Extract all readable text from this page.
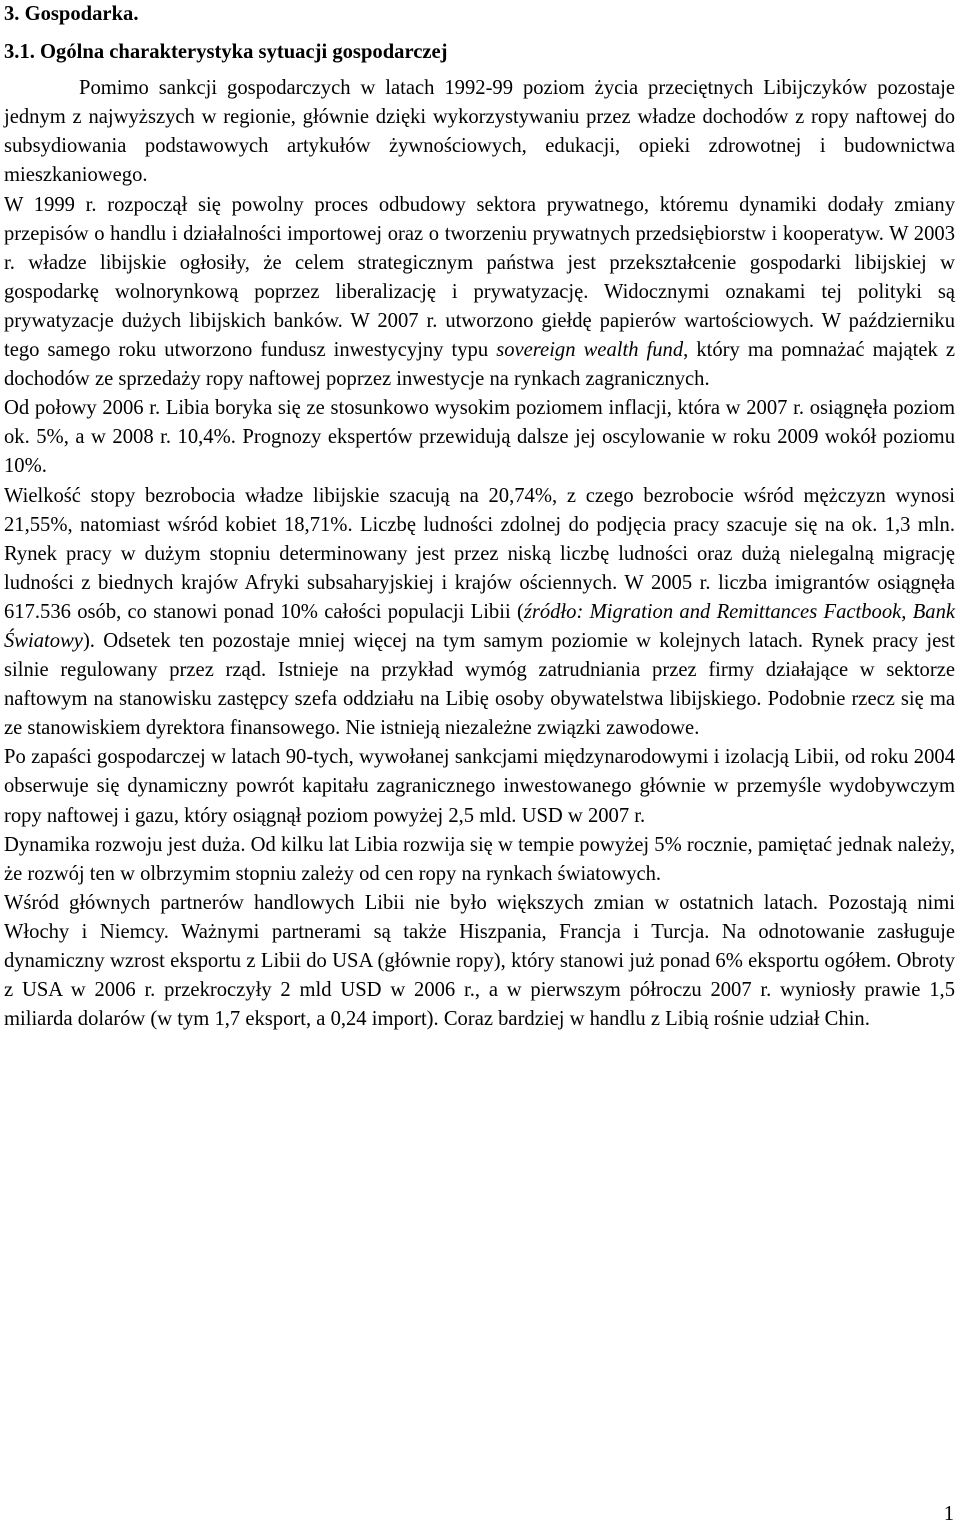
3. Gospodarka.
3.1. Ogólna charakterystyka sytuacji gospodarczej

Pomimo sankcji gospodarczych w latach 1992-99 poziom życia przeciętnych Libijczyków pozostaje jednym z najwyższych w regionie, głównie dzięki wykorzystywaniu przez władze dochodów z ropy naftowej do subsydiowania podstawowych artykułów żywnościowych, edukacji, opieki zdrowotnej i budownictwa mieszkaniowego.

W 1999 r. rozpoczął się powolny proces odbudowy sektora prywatnego, któremu dynamiki dodały zmiany przepisów o handlu i działalności importowej oraz o tworzeniu prywatnych przedsiębiorstw i kooperatyw. W 2003 r. władze libijskie ogłosiły, że celem strategicznym państwa jest przekształcenie gospodarki libijskiej w gospodarkę wolnorynkową poprzez liberalizację i prywatyzację. Widocznymi oznakami tej polityki są prywatyzacje dużych libijskich banków. W 2007 r. utworzono giełdę papierów wartościowych. W październiku tego samego roku utworzono fundusz inwestycyjny typu sovereign wealth fund, który ma pomnażać majątek z dochodów ze sprzedaży ropy naftowej poprzez inwestycje na rynkach zagranicznych.

Od połowy 2006 r. Libia boryka się ze stosunkowo wysokim poziomem inflacji, która w 2007 r. osiągnęła poziom ok. 5%, a w 2008 r. 10,4%. Prognozy ekspertów przewidują dalsze jej oscylowanie w roku 2009 wokół poziomu 10%.

Wielkość stopy bezrobocia władze libijskie szacują na 20,74%, z czego bezrobocie wśród mężczyzn wynosi 21,55%, natomiast wśród kobiet 18,71%. Liczbę ludności zdolnej do podjęcia pracy szacuje się na ok. 1,3 mln. Rynek pracy w dużym stopniu determinowany jest przez niską liczbę ludności oraz dużą nielegalną migrację ludności z biednych krajów Afryki subsaharyjskiej i krajów ościennych. W 2005 r. liczba imigrantów osiągnęła 617.536 osób, co stanowi ponad 10% całości populacji Libii (źródło: Migration and Remittances Factbook, Bank Światowy). Odsetek ten pozostaje mniej więcej na tym samym poziomie w kolejnych latach. Rynek pracy jest silnie regulowany przez rząd. Istnieje na przykład wymóg zatrudniania przez firmy działające w sektorze naftowym na stanowisku zastępcy szefa oddziału na Libię osoby obywatelstwa libijskiego. Podobnie rzecz się ma ze stanowiskiem dyrektora finansowego. Nie istnieją niezależne związki zawodowe.

Po zapaści gospodarczej w latach 90-tych, wywołanej sankcjami międzynarodowymi i izolacją Libii, od roku 2004 obserwuje się dynamiczny powrót kapitału zagranicznego inwestowanego głównie w przemyśle wydobywczym ropy naftowej i gazu, który osiągnął poziom powyżej 2,5 mld. USD w 2007 r.

Dynamika rozwoju jest duża. Od kilku lat Libia rozwija się w tempie powyżej 5% rocznie, pamiętać jednak należy, że rozwój ten w olbrzymim stopniu zależy od cen ropy na rynkach światowych.

Wśród głównych partnerów handlowych Libii nie było większych zmian w ostatnich latach. Pozostają nimi Włochy i Niemcy. Ważnymi partnerami są także Hiszpania, Francja i Turcja. Na odnotowanie zasługuje dynamiczny wzrost eksportu z Libii do USA (głównie ropy), który stanowi już ponad 6% eksportu ogółem. Obroty z USA w 2006 r. przekroczyły 2 mld USD w 2006 r., a w pierwszym półroczu 2007 r. wyniosły prawie 1,5 miliarda dolarów (w tym 1,7 eksport, a 0,24 import). Coraz bardziej w handlu z Libią rośnie udział Chin.

1
